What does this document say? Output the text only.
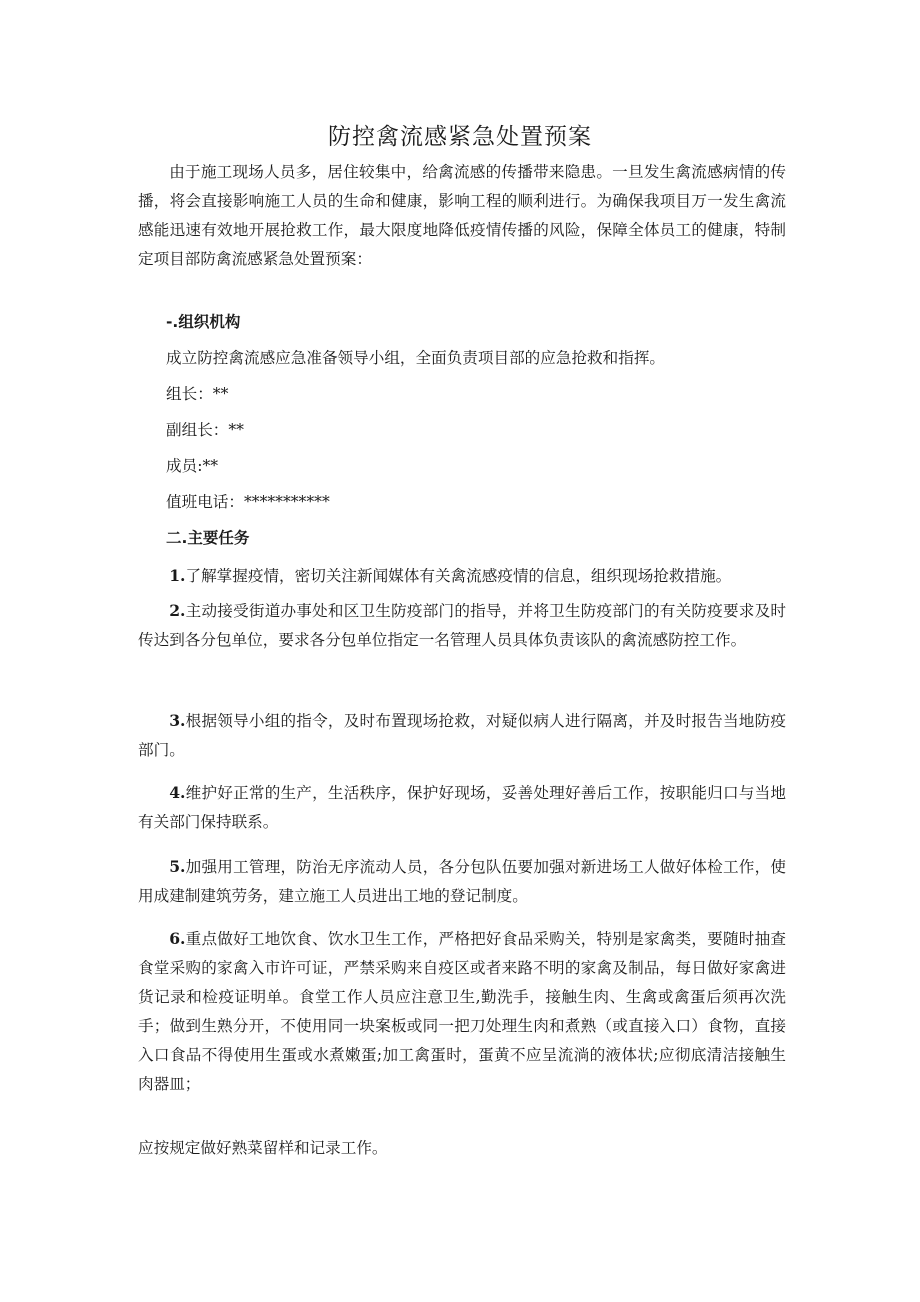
防控禽流感紧急处置预案

由于施工现场人员多，居住较集中，给禽流感的传播带来隐患。一旦发生禽流感病情的传播，将会直接影响施工人员的生命和健康，影响工程的顺利进行。为确保我项目万一发生禽流感能迅速有效地开展抢救工作，最大限度地降低疫情传播的风险，保障全体员工的健康，特制定项目部防禽流感紧急处置预案：

-.组织机构

成立防控禽流感应急准备领导小组，全面负责项目部的应急抢救和指挥。

组长：**

副组长：**

成员:**

值班电话：***********

二.主要任务

1.了解掌握疫情，密切关注新闻媒体有关禽流感疫情的信息，组织现场抢救措施。

2.主动接受街道办事处和区卫生防疫部门的指导，并将卫生防疫部门的有关防疫要求及时传达到各分包单位，要求各分包单位指定一名管理人员具体负责该队的禽流感防控工作。

3.根据领导小组的指令，及时布置现场抢救，对疑似病人进行隔离，并及时报告当地防疫部门。

4.维护好正常的生产，生活秩序，保护好现场，妥善处理好善后工作，按职能归口与当地有关部门保持联系。

5.加强用工管理，防治无序流动人员，各分包队伍要加强对新进场工人做好体检工作，使用成建制建筑劳务，建立施工人员进出工地的登记制度。

6.重点做好工地饮食、饮水卫生工作，严格把好食品采购关，特别是家禽类，要随时抽查食堂采购的家禽入市许可证，严禁采购来自疫区或者来路不明的家禽及制品，每日做好家禽进货记录和检疫证明单。食堂工作人员应注意卫生,勤洗手，接触生肉、生禽或禽蛋后须再次洗手；做到生熟分开，不使用同一块案板或同一把刀处理生肉和煮熟（或直接入口）食物，直接入口食品不得使用生蛋或水煮嫩蛋;加工禽蛋时，蛋黄不应呈流淌的液体状;应彻底清洁接触生肉器皿；

应按规定做好熟菜留样和记录工作。
